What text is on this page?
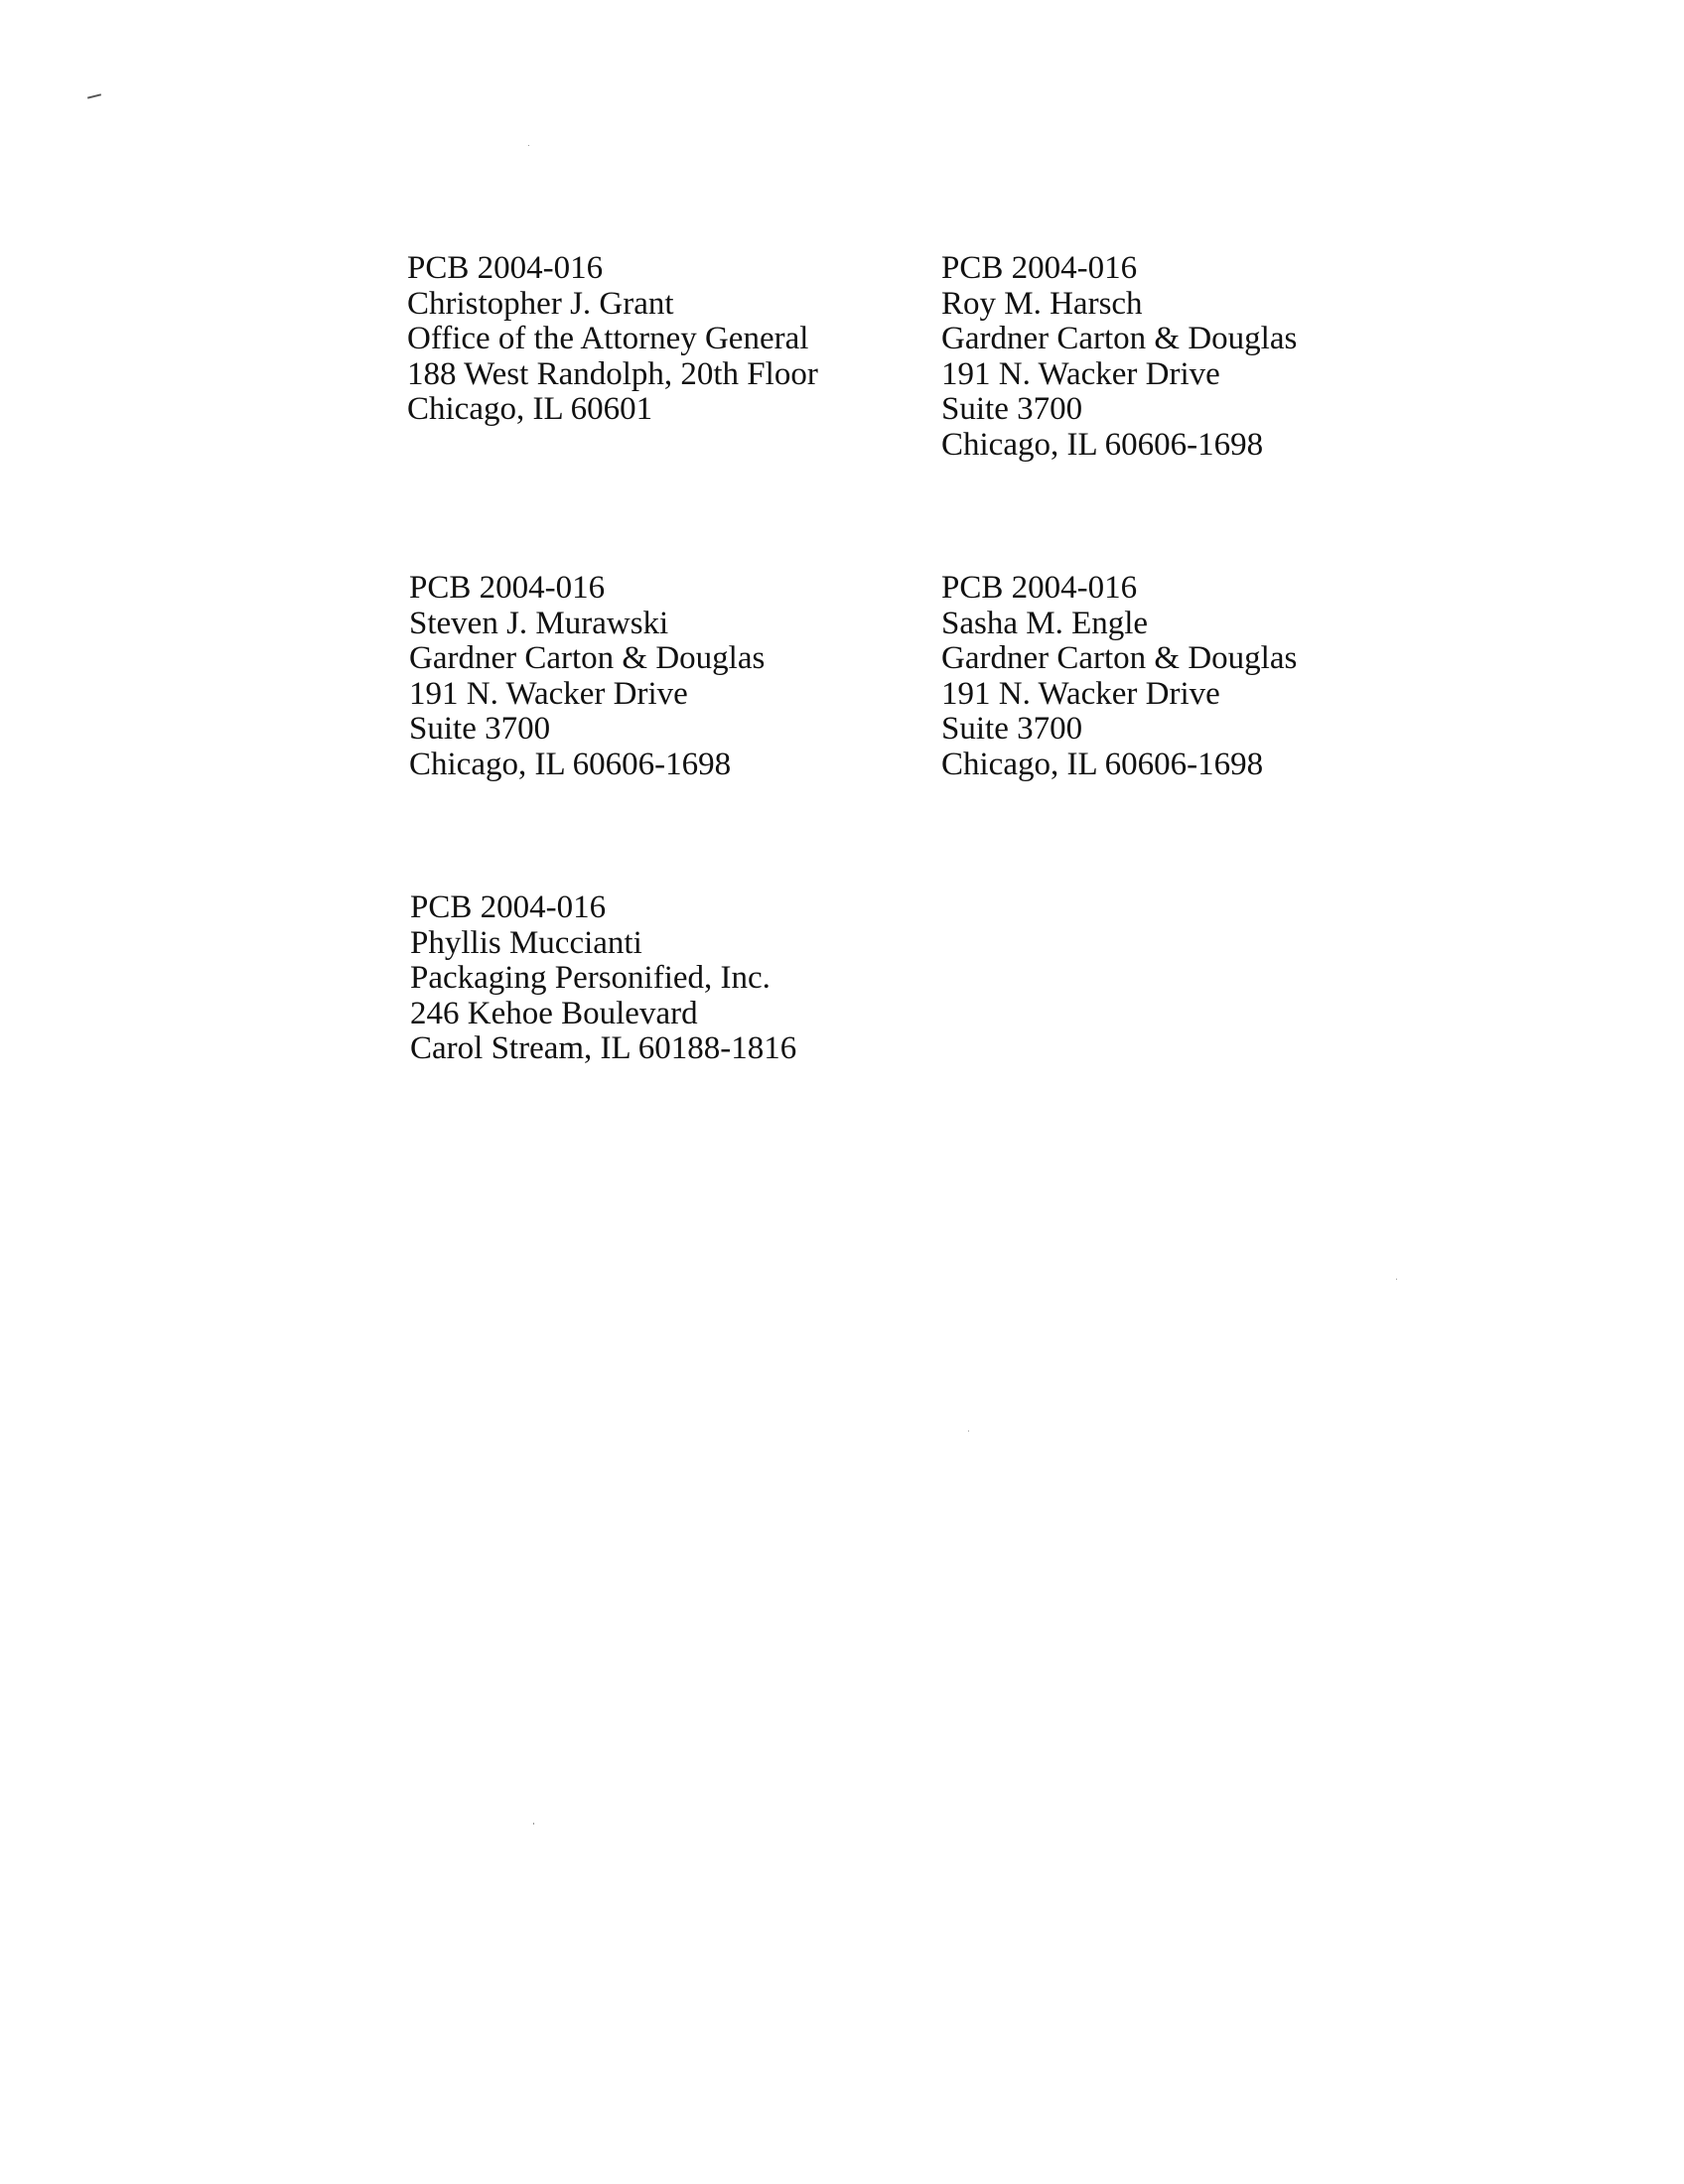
PCB 2004-016
Christopher J. Grant
Office of the Attorney General
188 West Randolph, 20th Floor
Chicago, IL 60601
PCB 2004-016
Roy M. Harsch
Gardner Carton & Douglas
191 N. Wacker Drive
Suite 3700
Chicago, IL 60606-1698
PCB 2004-016
Steven J. Murawski
Gardner Carton & Douglas
191 N. Wacker Drive
Suite 3700
Chicago, IL 60606-1698
PCB 2004-016
Sasha M. Engle
Gardner Carton & Douglas
191 N. Wacker Drive
Suite 3700
Chicago, IL 60606-1698
PCB 2004-016
Phyllis Muccianti
Packaging Personified, Inc.
246 Kehoe Boulevard
Carol Stream, IL 60188-1816
